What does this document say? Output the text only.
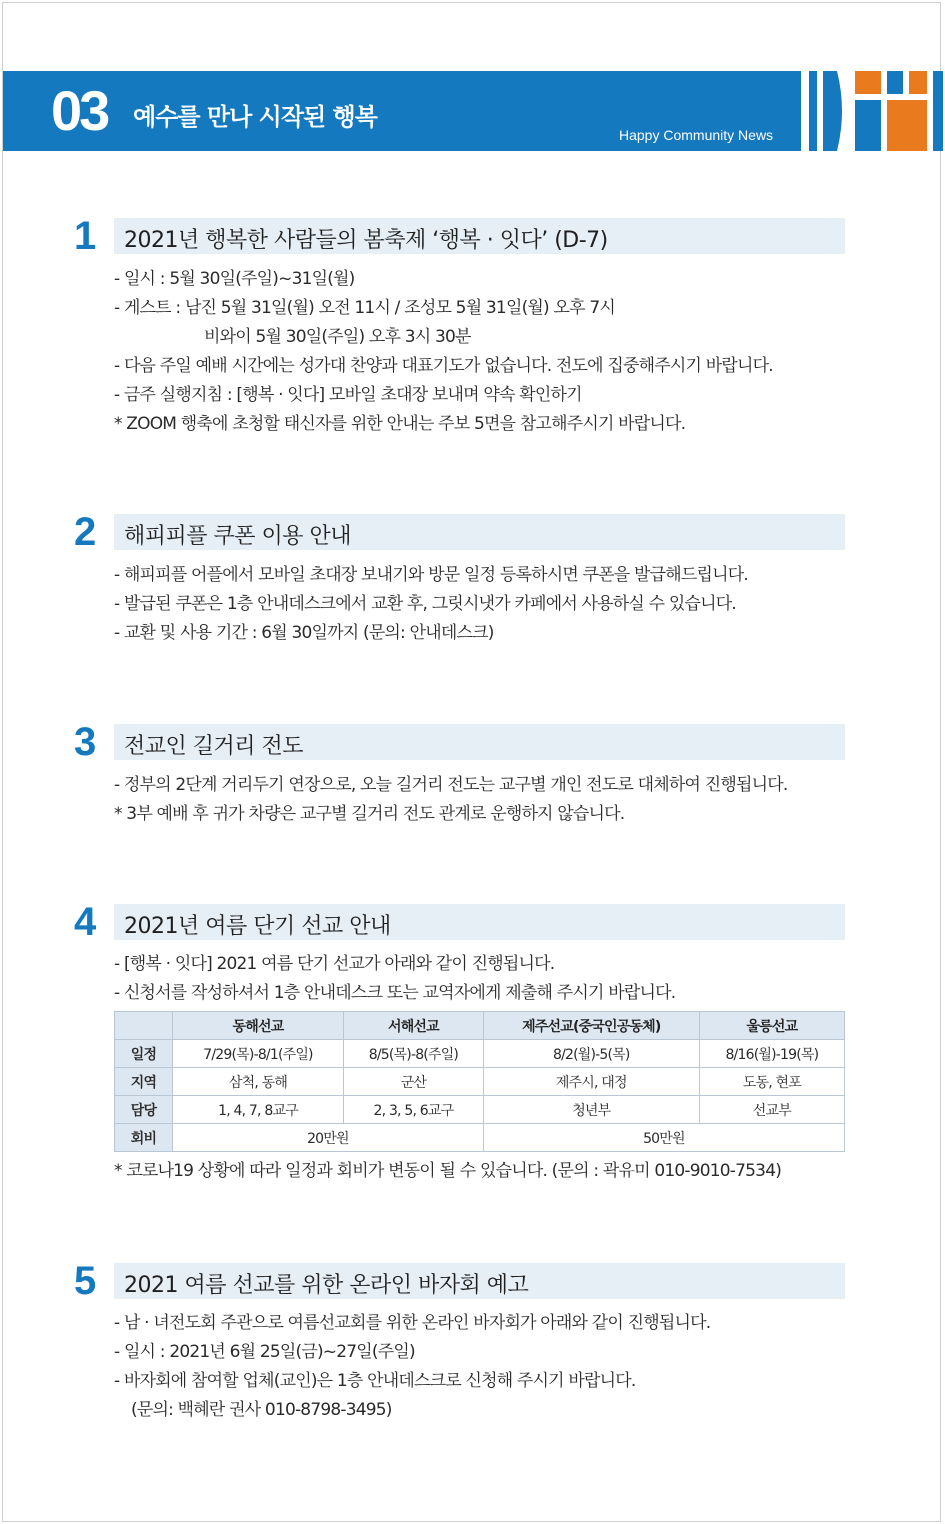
03 예수를 만나 시작된 행복
Happy Community News
1 2021년 행복한 사람들의 봄축제 ‘행복 · 잇다’ (D-7)
- 일시 : 5월 30일(주일)~31일(월)
- 게스트 : 남진 5월 31일(월) 오전 11시 / 조성모 5월 31일(월) 오후 7시
비와이 5월 30일(주일) 오후 3시 30분
- 다음 주일 예배 시간에는 성가대 찬양과 대표기도가 없습니다. 전도에 집중해주시기 바랍니다.
- 금주 실행지침 : [행복 · 잇다] 모바일 초대장 보내며 약속 확인하기
* ZOOM 행축에 초청할 태신자를 위한 안내는 주보 5면을 참고해주시기 바랍니다.
2 해피피플 쿠폰 이용 안내
- 해피피플 어플에서 모바일 초대장 보내기와 방문 일정 등록하시면 쿠폰을 발급해드립니다.
- 발급된 쿠폰은 1층 안내데스크에서 교환 후, 그릿시냇가 카페에서 사용하실 수 있습니다.
- 교환 및 사용 기간 : 6월 30일까지 (문의: 안내데스크)
3 전교인 길거리 전도
- 정부의 2단계 거리두기 연장으로, 오늘 길거리 전도는 교구별 개인 전도로 대체하여 진행됩니다.
* 3부 예배 후 귀가 차량은 교구별 길거리 전도 관계로 운행하지 않습니다.
4 2021년 여름 단기 선교 안내
- [행복 · 잇다] 2021 여름 단기 선교가 아래와 같이 진행됩니다.
- 신청서를 작성하셔서 1층 안내데스크 또는 교역자에게 제출해 주시기 바랍니다.
	동해선교	서해선교	제주선교(중국인공동체)	울릉선교
일정	7/29(목)-8/1(주일)	8/5(목)-8(주일)	8/2(월)-5(목)	8/16(월)-19(목)
지역	삼척, 동해	군산	제주시, 대정	도동, 현포
담당	1, 4, 7, 8교구	2, 3, 5, 6교구	청년부	선교부
회비	20만원		50만원	
* 코로나19 상황에 따라 일정과 회비가 변동이 될 수 있습니다. (문의 : 곽유미 010-9010-7534)
5 2021 여름 선교를 위한 온라인 바자회 예고
- 남 · 녀전도회 주관으로 여름선교회를 위한 온라인 바자회가 아래와 같이 진행됩니다.
- 일시 : 2021년 6월 25일(금)~27일(주일)
- 바자회에 참여할 업체(교인)은 1층 안내데스크로 신청해 주시기 바랍니다.
(문의: 백혜란 권사 010-8798-3495)
